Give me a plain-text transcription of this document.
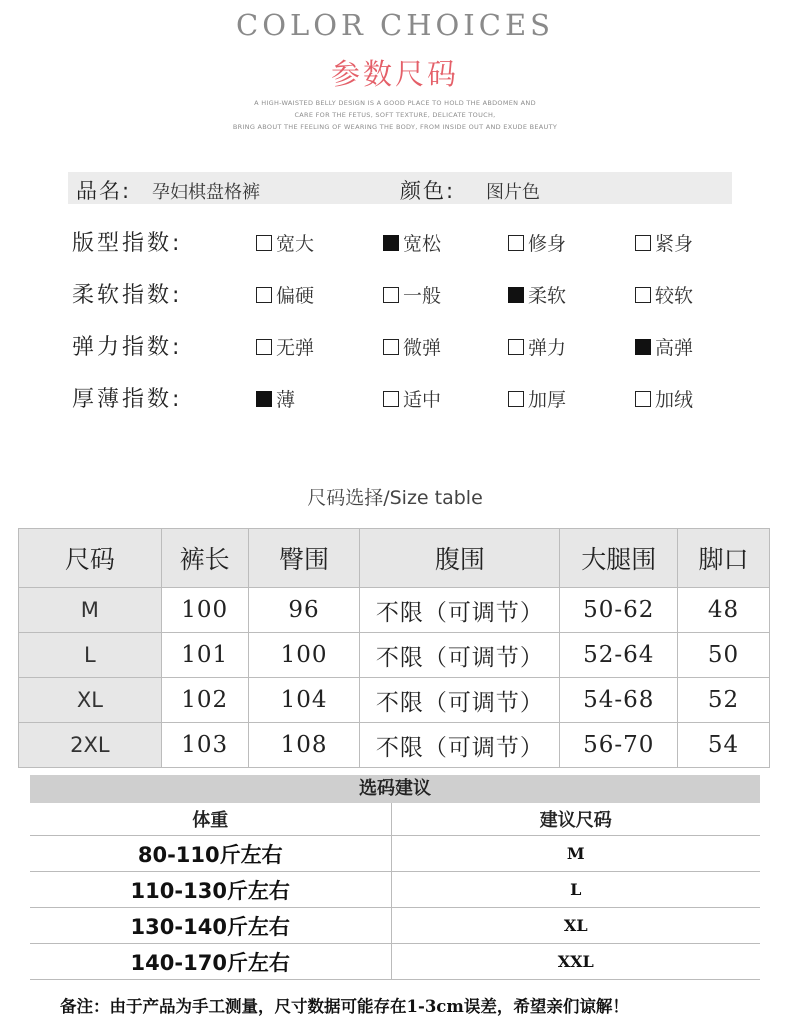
COLOR CHOICES
参数尺码
A HIGH-WAISTED BELLY DESIGN IS A GOOD PLACE TO HOLD THE ABDOMEN AND
CARE FOR THE FETUS, SOFT TEXTURE, DELICATE TOUCH,
BRING ABOUT THE FEELING OF WEARING THE BODY, FROM INSIDE OUT AND EXUDE BEAUTY
品名: 孕妇棋盘格裤	颜色: 图片色
版型指数:	宽大	宽松	修身	紧身
柔软指数:	偏硬	一般	柔软	较软
弹力指数:	无弹	微弹	弹力	高弹
厚薄指数:	薄	适中	加厚	加绒
尺码选择/Size table
尺码	裤长	臀围	腹围	大腿围	脚口
M	100	96	不限（可调节）	50-62	48
L	101	100	不限（可调节）	52-64	50
XL	102	104	不限（可调节）	54-68	52
2XL	103	108	不限（可调节）	56-70	54
选码建议
体重	建议尺码
80-110斤左右	M
110-130斤左右	L
130-140斤左右	XL
140-170斤左右	XXL
备注：由于产品为手工测量，尺寸数据可能存在1-3cm误差，希望亲们谅解！
